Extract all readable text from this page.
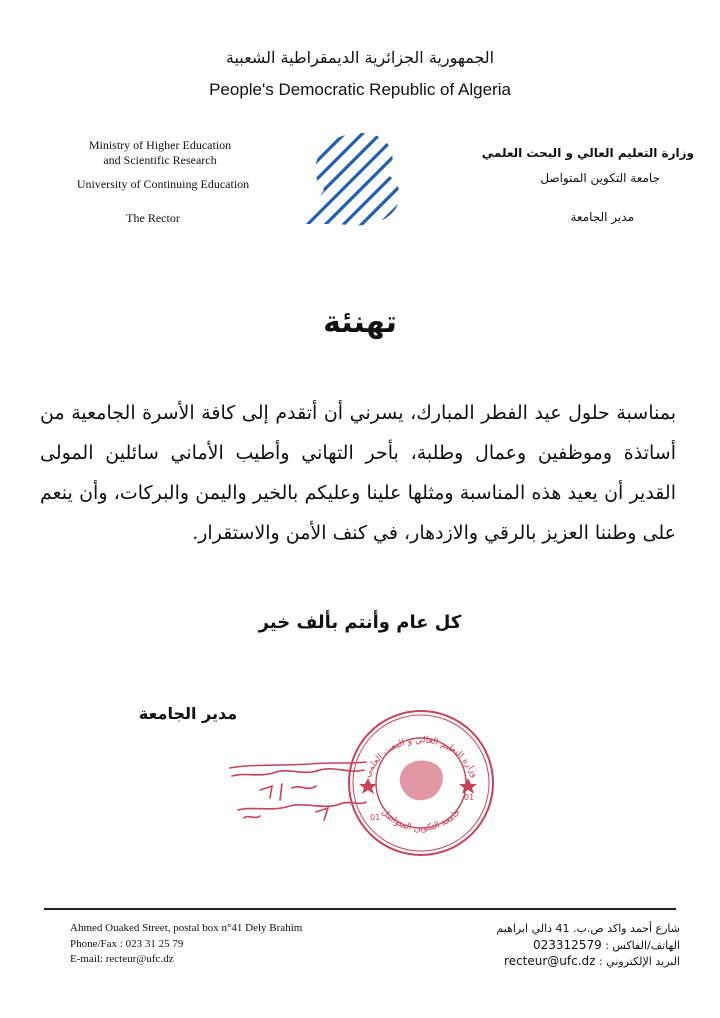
الجمهورية الجزائرية الديمقراطية الشعبية
People's Democratic Republic of Algeria
Ministry of Higher Education
and Scientific Research
University of Continuing Education
The Rector
وزارة التعليم العالي و البحث العلمي
جامعة التكوين المتواصل
مدير الجامعة
تهنئة

بمناسبة حلول عيد الفطر المبارك، يسرني أن أتقدم إلى كافة الأسرة الجامعية من أساتذة وموظفين وعمال وطلبة، بأحر التهاني وأطيب الأماني سائلين المولى القدير أن يعيد هذه المناسبة ومثلها علينا وعليكم بالخير واليمن والبركات، وأن ينعم على وطننا العزيز بالرقي والازدهار، في كنف الأمن والاستقرار.

كل عام وأنتم بألف خير
مدير الجامعة
وزارة التعليم العالي و البحث العلمي
جامعة التكوين المتواصل
01
01
Ahmed Ouaked Street, postal box n°41 Dely Brahim
Phone/Fax : 023 31 25 79
E-mail: recteur@ufc.dz
شارع أحمد واكد ص.ب. 41 دالي ابراهيم
الهاتف/الفاكس : 023312579
البريد الإلكتروني : recteur@ufc.dz
